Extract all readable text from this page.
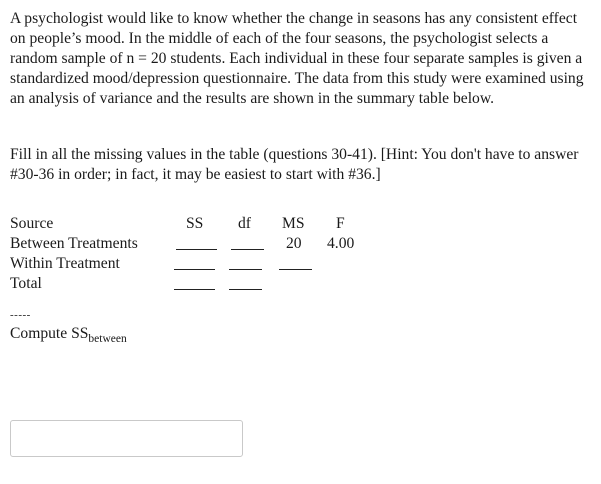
A psychologist would like to know whether the change in seasons has any consistent effect on people’s mood. In the middle of each of the four seasons, the psychologist selects a random sample of n = 20 students. Each individual in these four separate samples is given a standardized mood/depression questionnaire. The data from this study were examined using an analysis of variance and the results are shown in the summary table below.

Fill in all the missing values in the table (questions 30-41). [Hint: You don't have to answer #30-36 in order; in fact, it may be easiest to start with #36.]

Source	SS df MS F
Between Treatments	20 4.00
Within Treatment
Total
-----
Compute $SS_{between}$
